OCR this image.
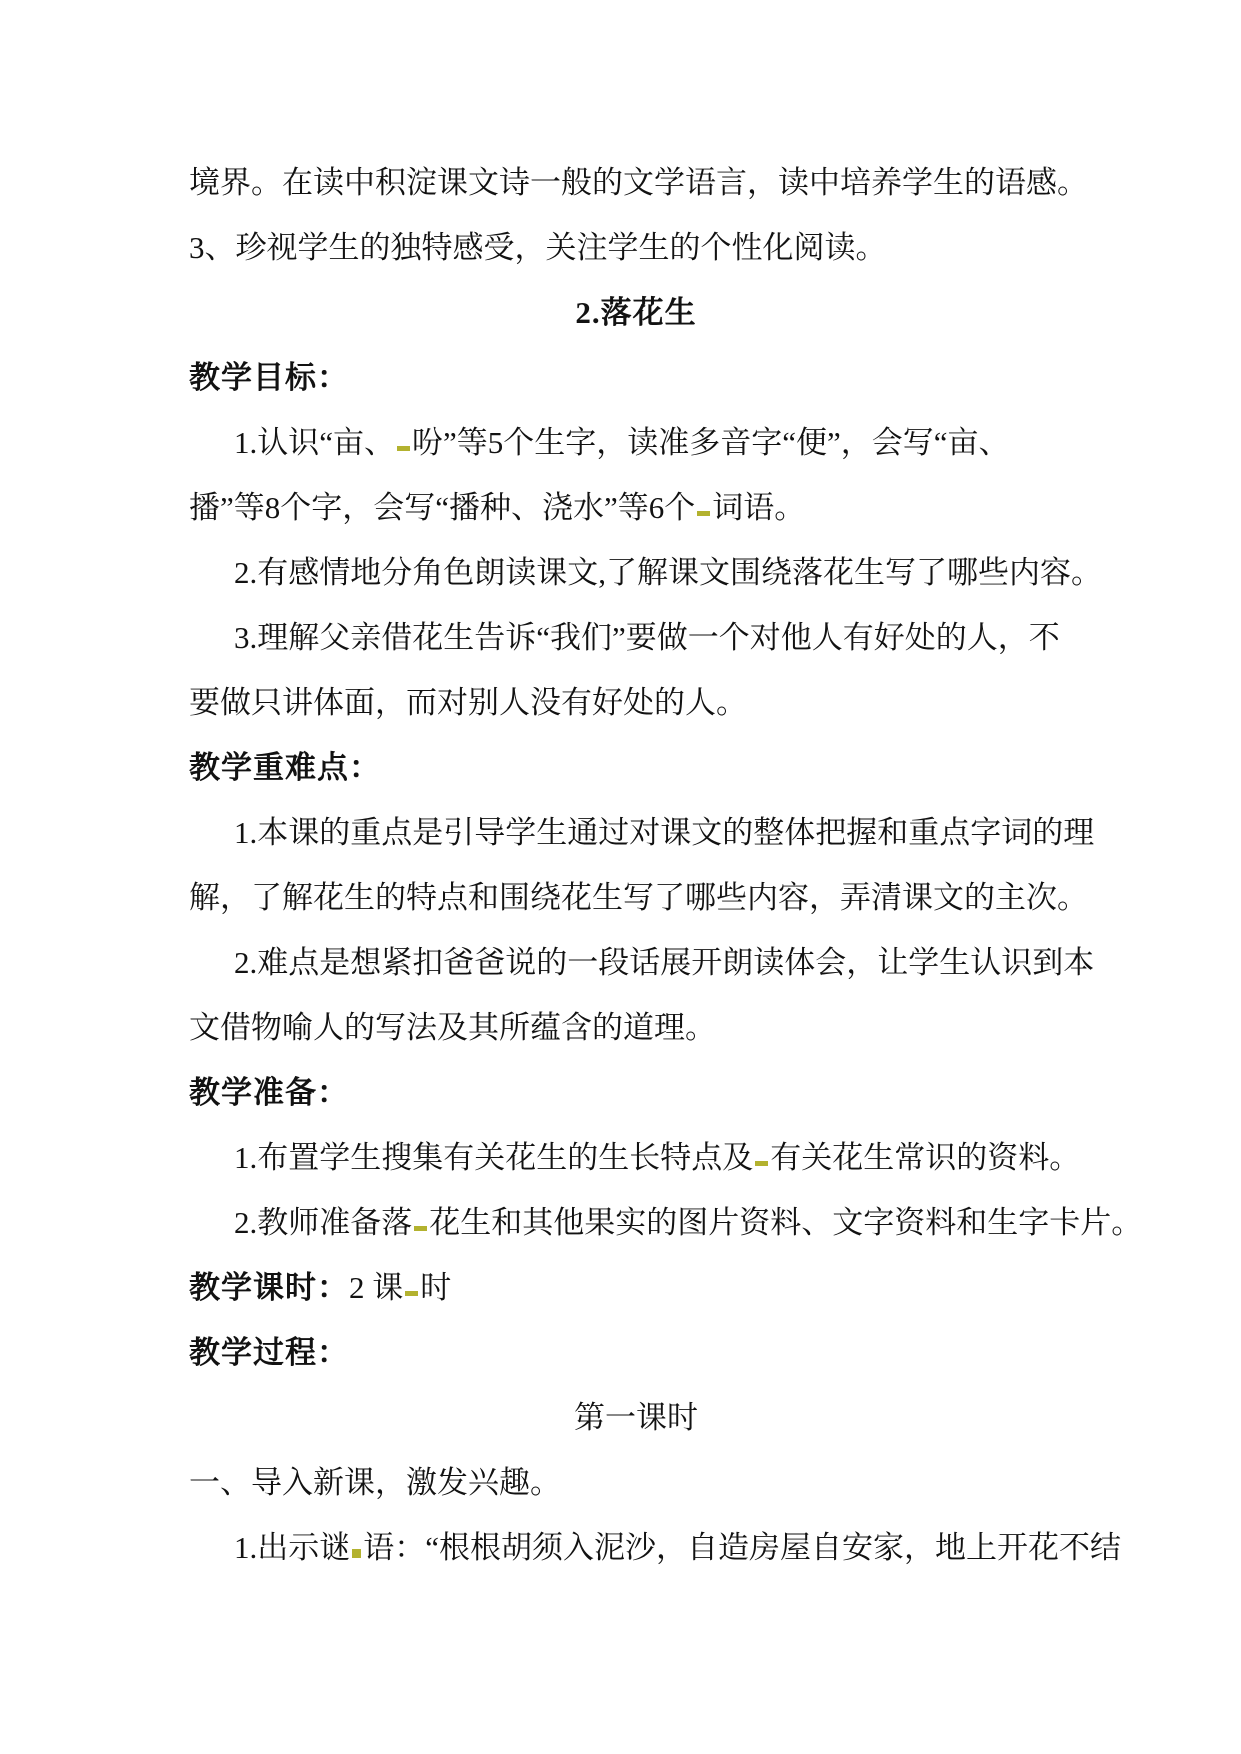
境界。在读中积淀课文诗一般的文学语言，读中培养学生的语感。
3、珍视学生的独特感受，关注学生的个性化阅读。
2.落花生
教学目标：
1.认识“亩、 吩”等5个生字，读准多音字“便”，会写“亩、
播”等8个字，会写“播种、浇水”等6个 词语。
2.有感情地分角色朗读课文,了解课文围绕落花生写了哪些内容。
3.理解父亲借花生告诉“我们”要做一个对他人有好处的人，不
要做只讲体面，而对别人没有好处的人。
教学重难点：
1.本课的重点是引导学生通过对课文的整体把握和重点字词的理
解，了解花生的特点和围绕花生写了哪些内容，弄清课文的主次。
2.难点是想紧扣爸爸说的一段话展开朗读体会，让学生认识到本
文借物喻人的写法及其所蕴含的道理。
教学准备：
1.布置学生搜集有关花生的生长特点及 有关花生常识的资料。
2.教师准备落 花生和其他果实的图片资料、文字资料和生字卡片。
教学课时：2 课 时
教学过程：
第一课时
一、导入新课，激发兴趣。
1.出示谜 语：“根根胡须入泥沙，自造房屋自安家，地上开花不结
